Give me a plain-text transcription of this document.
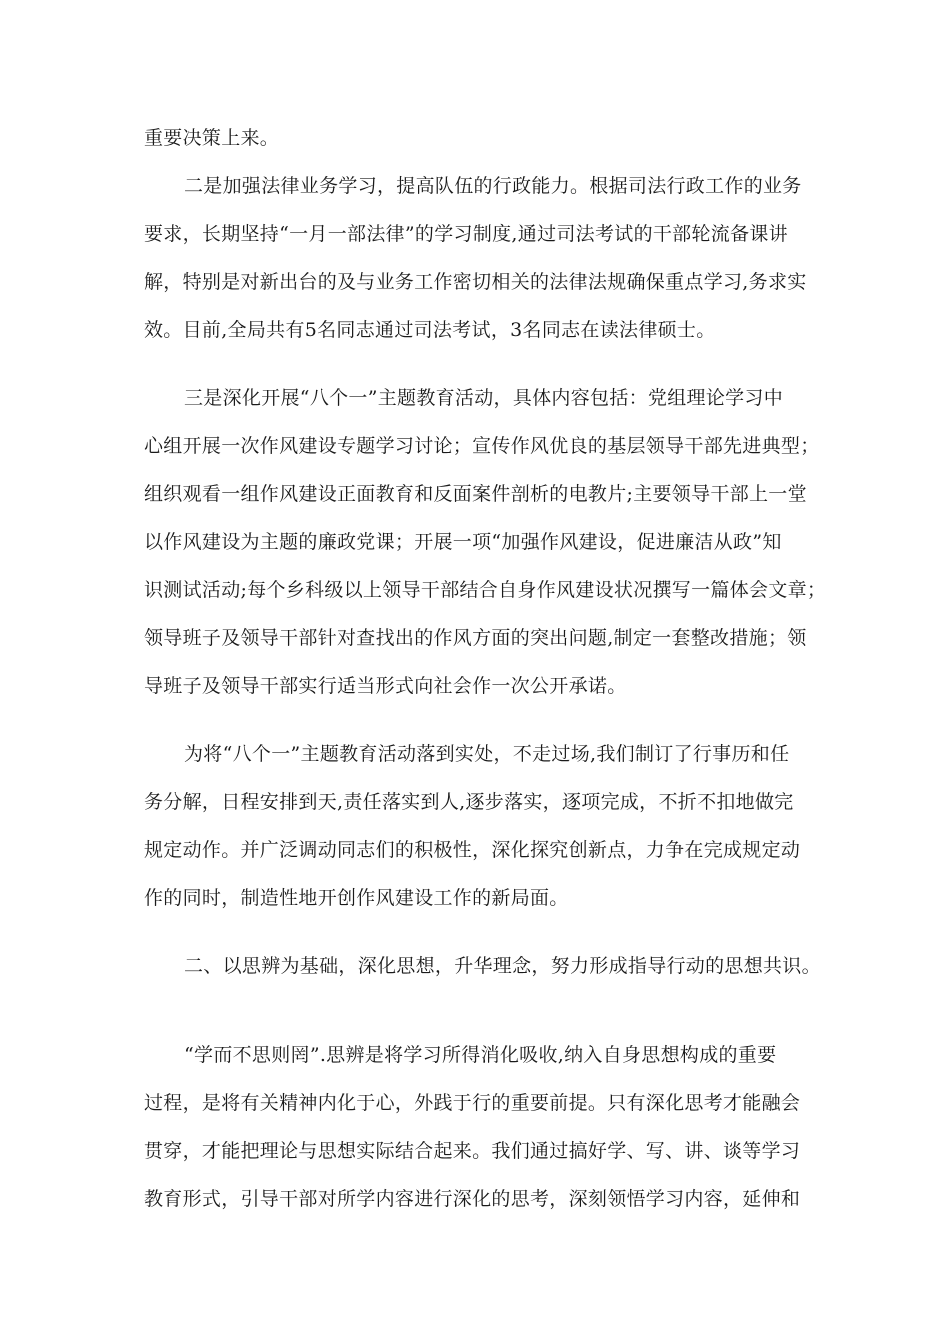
重要决策上来。

二是加强法律业务学习，提高队伍的行政能力。根据司法行政工作的业务
要求，长期坚持“一月一部法律”的学习制度,通过司法考试的干部轮流备课讲
解，特别是对新出台的及与业务工作密切相关的法律法规确保重点学习,务求实
效。目前,全局共有5名同志通过司法考试，3名同志在读法律硕士。

三是深化开展“八个一”主题教育活动，具体内容包括：党组理论学习中
心组开展一次作风建设专题学习讨论；宣传作风优良的基层领导干部先进典型；
组织观看一组作风建设正面教育和反面案件剖析的电教片;主要领导干部上一堂
以作风建设为主题的廉政党课；开展一项“加强作风建设，促进廉洁从政”知
识测试活动;每个乡科级以上领导干部结合自身作风建设状况撰写一篇体会文章；
领导班子及领导干部针对查找出的作风方面的突出问题,制定一套整改措施；领
导班子及领导干部实行适当形式向社会作一次公开承诺。

为将“八个一”主题教育活动落到实处，不走过场,我们制订了行事历和任
务分解，日程安排到天,责任落实到人,逐步落实，逐项完成，不折不扣地做完
规定动作。并广泛调动同志们的积极性，深化探究创新点，力争在完成规定动
作的同时，制造性地开创作风建设工作的新局面。

二、以思辨为基础，深化思想，升华理念，努力形成指导行动的思想共识。

“学而不思则罔”.思辨是将学习所得消化吸收,纳入自身思想构成的重要
过程，是将有关精神内化于心，外践于行的重要前提。只有深化思考才能融会
贯穿，才能把理论与思想实际结合起来。我们通过搞好学、写、讲、谈等学习
教育形式，引导干部对所学内容进行深化的思考，深刻领悟学习内容，延伸和
